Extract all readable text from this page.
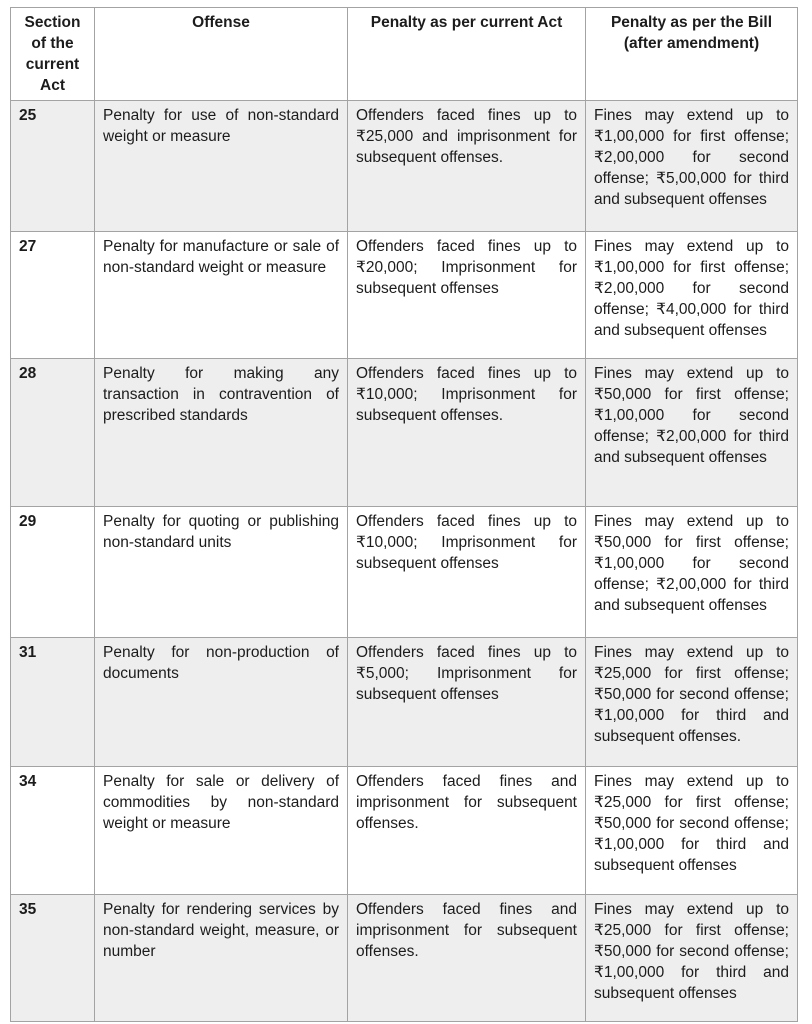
Section of the current Act	Offense	Penalty as per current Act	Penalty as per the Bill (after amendment)
25	Penalty for use of non-standard weight or measure	Offenders faced fines up to ₹25,000 and imprisonment for subsequent offenses.	Fines may extend up to ₹1,00,000 for first offense; ₹2,00,000 for second offense; ₹5,00,000 for third and subsequent offenses
27	Penalty for manufacture or sale of non-standard weight or measure	Offenders faced fines up to ₹20,000; Imprisonment for subsequent offenses	Fines may extend up to ₹1,00,000 for first offense; ₹2,00,000 for second offense; ₹4,00,000 for third and subsequent offenses
28	Penalty for making any transaction in contravention of prescribed standards	Offenders faced fines up to ₹10,000; Imprisonment for subsequent offenses.	Fines may extend up to ₹50,000 for first offense; ₹1,00,000 for second offense; ₹2,00,000 for third and subsequent offenses
29	Penalty for quoting or publishing non-standard units	Offenders faced fines up to ₹10,000; Imprisonment for subsequent offenses	Fines may extend up to ₹50,000 for first offense; ₹1,00,000 for second offense; ₹2,00,000 for third and subsequent offenses
31	Penalty for non-production of documents	Offenders faced fines up to ₹5,000; Imprisonment for subsequent offenses	Fines may extend up to ₹25,000 for first offense; ₹50,000 for second offense; ₹1,00,000 for third and subsequent offenses.
34	Penalty for sale or delivery of commodities by non-standard weight or measure	Offenders faced fines and imprisonment for subsequent offenses.	Fines may extend up to ₹25,000 for first offense; ₹50,000 for second offense; ₹1,00,000 for third and subsequent offenses
35	Penalty for rendering services by non-standard weight, measure, or number	Offenders faced fines and imprisonment for subsequent offenses.	Fines may extend up to ₹25,000 for first offense; ₹50,000 for second offense; ₹1,00,000 for third and subsequent offenses
